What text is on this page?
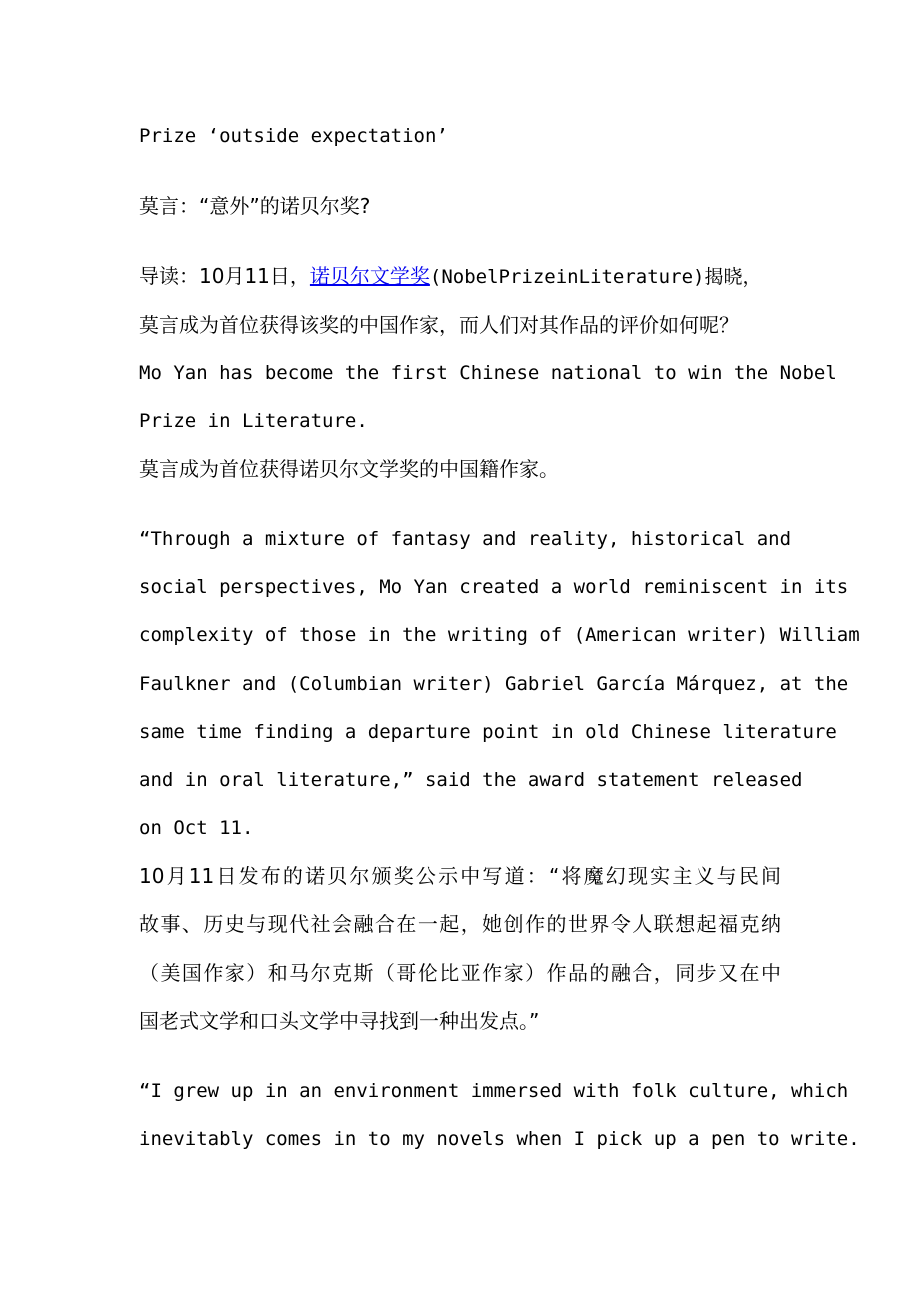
Prize ‘outside expectation’
莫言：“意外”的诺贝尔奖?
导读：10月11日，诺贝尔文学奖(NobelPrizeinLiterature)揭晓，
莫言成为首位获得该奖的中国作家，而人们对其作品的评价如何呢？
Mo Yan has become the first Chinese national to win the Nobel
Prize in Literature.
莫言成为首位获得诺贝尔文学奖的中国籍作家。
“Through a mixture of fantasy and reality, historical and
social perspectives, Mo Yan created a world reminiscent in its
complexity of those in the writing of (American writer) William
Faulkner and (Columbian writer) Gabriel García Márquez, at the
same time finding a departure point in old Chinese literature
and in oral literature,” said the award statement released
on Oct 11.
10月11日发布的诺贝尔颁奖公示中写道：“将魔幻现实主义与民间
故事、历史与现代社会融合在一起，她创作的世界令人联想起福克纳
（美国作家）和马尔克斯（哥伦比亚作家）作品的融合，同步又在中
国老式文学和口头文学中寻找到一种出发点。”
“I grew up in an environment immersed with folk culture, which
inevitably comes in to my novels when I pick up a pen to write.
